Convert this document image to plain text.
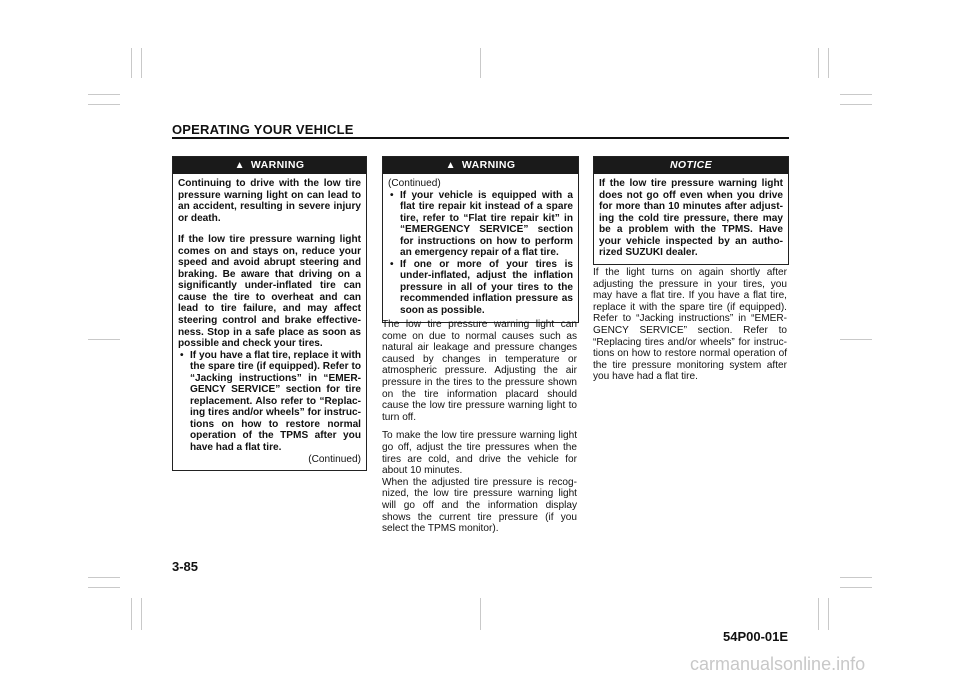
OPERATING YOUR VEHICLE
▲ WARNING

Continuing to drive with the low tire pressure warning light on can lead to an accident, resulting in severe injury or death.

If the low tire pressure warning light comes on and stays on, reduce your speed and avoid abrupt steering and braking. Be aware that driving on a significantly under-inflated tire can cause the tire to overheat and can lead to tire failure, and may affect steering control and brake effective-ness. Stop in a safe place as soon as possible and check your tires.

• If you have a flat tire, replace it with the spare tire (if equipped). Refer to “Jacking instructions” in “EMER-GENCY SERVICE” section for tire replacement. Also refer to “Replac-ing tires and/or wheels” for instruc-tions on how to restore normal operation of the TPMS after you have had a flat tire.

(Continued)

▲ WARNING

(Continued)

• If your vehicle is equipped with a flat tire repair kit instead of a spare tire, refer to “Flat tire repair kit” in “EMERGENCY SERVICE” section for instructions on how to perform an emergency repair of a flat tire.
• If one or more of your tires is under-inflated, adjust the inflation pressure in all of your tires to the recommended inflation pressure as soon as possible.

The low tire pressure warning light can come on due to normal causes such as natural air leakage and pressure changes caused by changes in temperature or atmospheric pressure. Adjusting the air pressure in the tires to the pressure shown on the tire information placard should cause the low tire pressure warning light to turn off.

To make the low tire pressure warning light go off, adjust the tire pressures when the tires are cold, and drive the vehicle for about 10 minutes.

When the adjusted tire pressure is recog-nized, the low tire pressure warning light will go off and the information display shows the current tire pressure (if you select the TPMS monitor).

NOTICE

If the low tire pressure warning light does not go off even when you drive for more than 10 minutes after adjust-ing the cold tire pressure, there may be a problem with the TPMS. Have your vehicle inspected by an autho-rized SUZUKI dealer.

If the light turns on again shortly after adjusting the pressure in your tires, you may have a flat tire. If you have a flat tire, replace it with the spare tire (if equipped). Refer to “Jacking instructions” in “EMER-GENCY SERVICE” section. Refer to “Replacing tires and/or wheels” for instruc-tions on how to restore normal operation of the tire pressure monitoring system after you have had a flat tire.

3-85
54P00-01E
carmanualsonline.info
